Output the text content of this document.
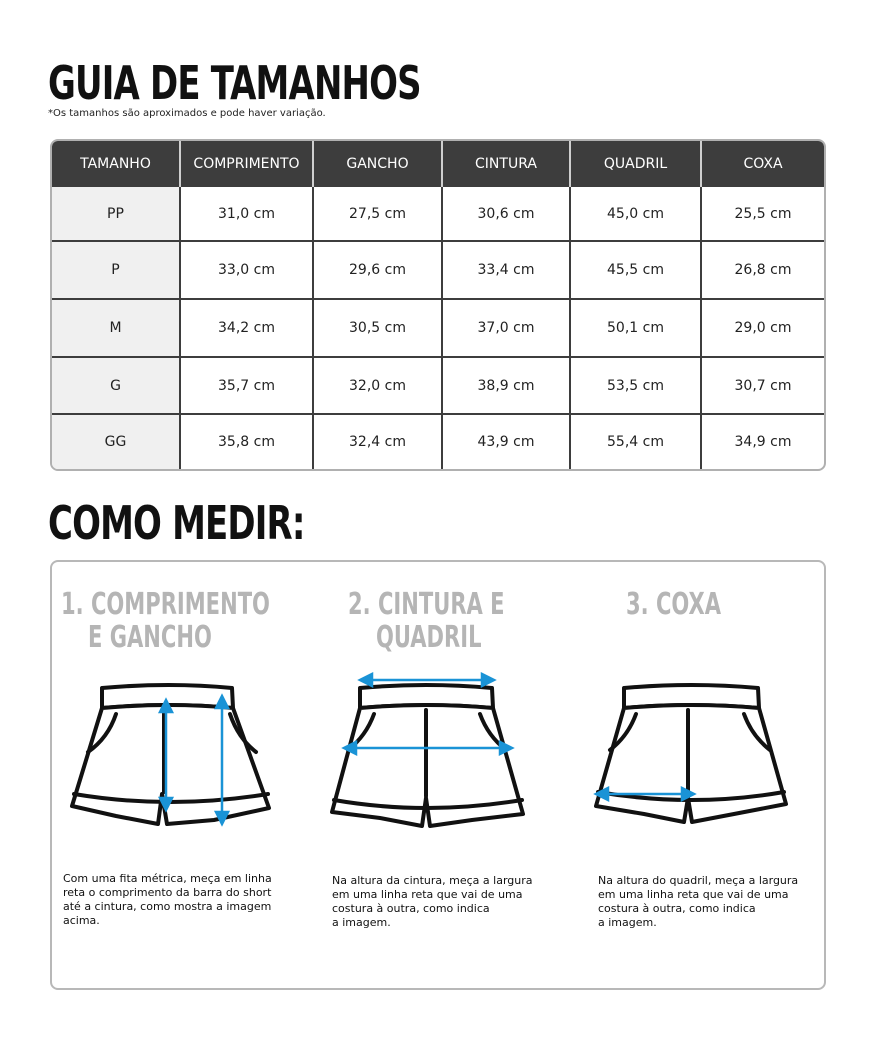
GUIA DE TAMANHOS
*Os tamanhos são aproximados e pode haver variação.
TAMANHO	COMPRIMENTO	GANCHO	CINTURA	QUADRIL	COXA
PP	31,0 cm	27,5 cm	30,6 cm	45,0 cm	25,5 cm
P	33,0 cm	29,6 cm	33,4 cm	45,5 cm	26,8 cm
M	34,2 cm	30,5 cm	37,0 cm	50,1 cm	29,0 cm
G	35,7 cm	32,0 cm	38,9 cm	53,5 cm	30,7 cm
GG	35,8 cm	32,4 cm	43,9 cm	55,4 cm	34,9 cm
COMO MEDIR:
1. COMPRIMENTO
E GANCHO
Com uma fita métrica, meça em linha
reta o comprimento da barra do short
até a cintura, como mostra a imagem
acima.
2. CINTURA E
QUADRIL
Na altura da cintura, meça a largura
em uma linha reta que vai de uma
costura à outra, como indica
a imagem.
3. COXA
Na altura do quadril, meça a largura
em uma linha reta que vai de uma
costura à outra, como indica
a imagem.
